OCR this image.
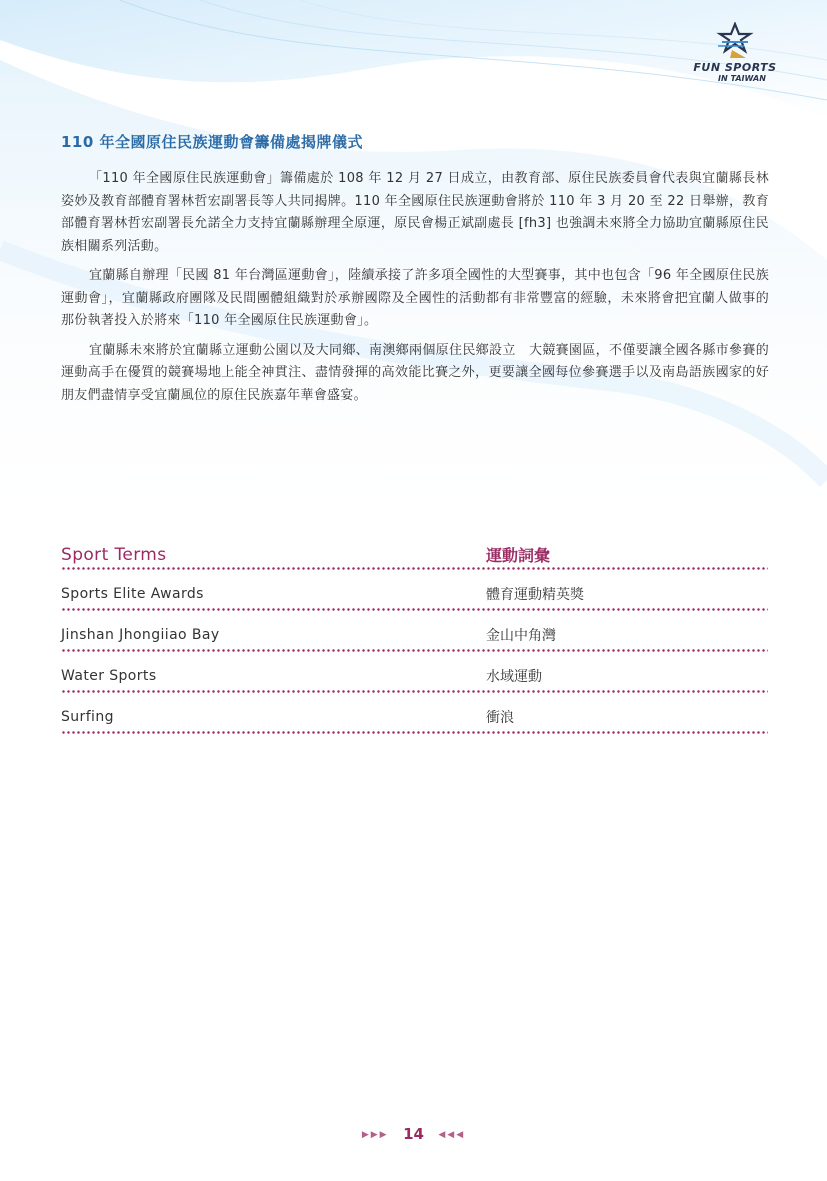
FUN SPORTS
IN TAIWAN
110 年全國原住民族運動會籌備處揭牌儀式

「110 年全國原住民族運動會」籌備處於 108 年 12 月 27 日成立，由教育部、原住民族委員會代表與宜蘭縣長林姿妙及教育部體育署林哲宏副署長等人共同揭牌。110 年全國原住民族運動會將於 110 年 3 月 20 至 22 日舉辦，教育部體育署林哲宏副署長允諾全力支持宜蘭縣辦理全原運，原民會楊正斌副處長 [fh3] 也強調未來將全力協助宜蘭縣原住民族相關系列活動。

宜蘭縣自辦理「民國 81 年台灣區運動會」，陸續承接了許多項全國性的大型賽事，其中也包含「96 年全國原住民族運動會」，宜蘭縣政府團隊及民間團體組織對於承辦國際及全國性的活動都有非常豐富的經驗，未來將會把宜蘭人做事的那份執著投入於將來「110 年全國原住民族運動會」。

宜蘭縣未來將於宜蘭縣立運動公園以及大同鄉、南澳鄉兩個原住民鄉設立　大競賽園區，不僅要讓全國各縣市參賽的運動高手在優質的競賽場地上能全神貫注、盡情發揮的高效能比賽之外，更要讓全國每位參賽選手以及南島語族國家的好朋友們盡情享受宜蘭風位的原住民族嘉年華會盛宴。

Sport Terms	運動詞彙
Sports Elite Awards	體育運動精英獎
Jinshan Jhongiiao Bay	金山中角灣
Water Sports	水域運動
Surfing	衝浪
▶▶▶ 14 ◀◀◀
